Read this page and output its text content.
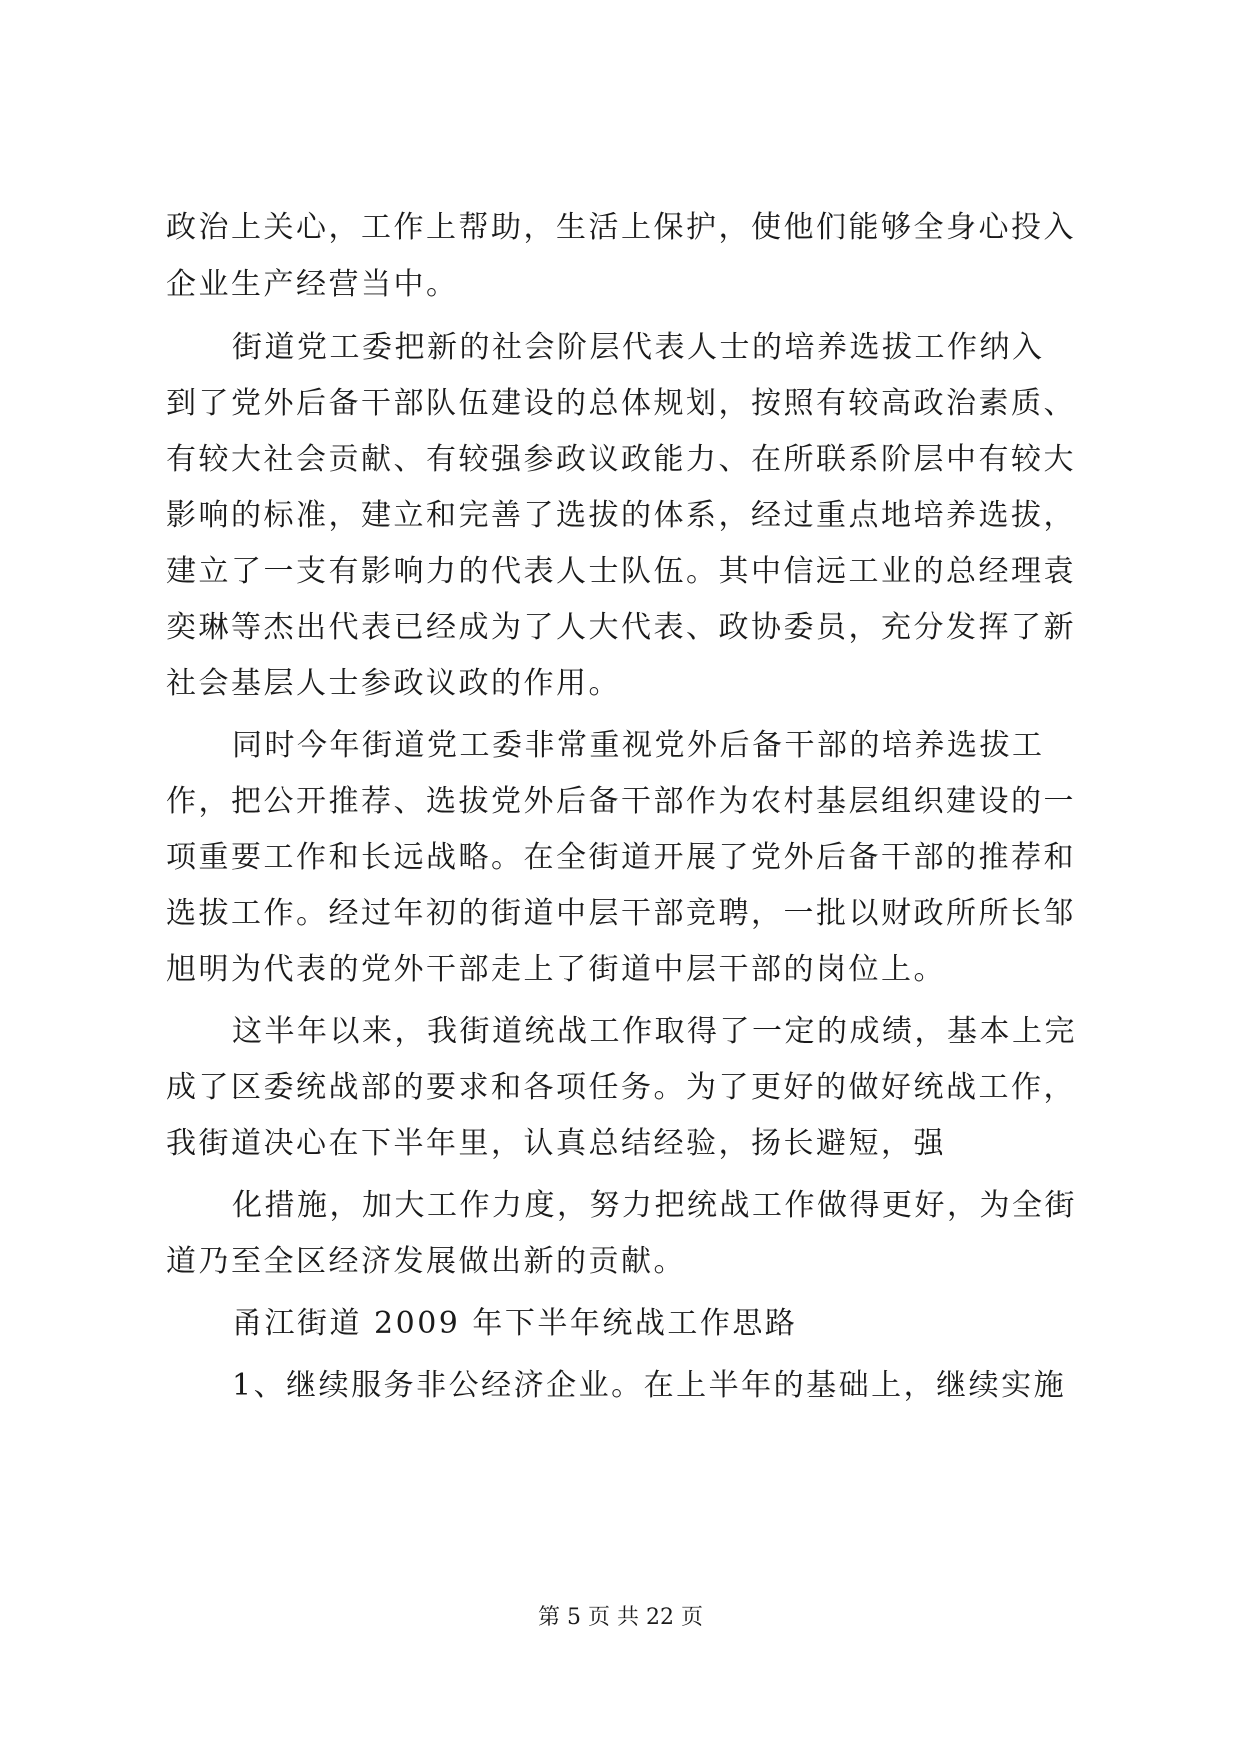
政治上关心，工作上帮助，生活上保护，使他们能够全身心投入
企业生产经营当中。
街道党工委把新的社会阶层代表人士的培养选拔工作纳入
到了党外后备干部队伍建设的总体规划，按照有较高政治素质、
有较大社会贡献、有较强参政议政能力、在所联系阶层中有较大
影响的标准，建立和完善了选拔的体系，经过重点地培养选拔，
建立了一支有影响力的代表人士队伍。其中信远工业的总经理袁
奕琳等杰出代表已经成为了人大代表、政协委员，充分发挥了新
社会基层人士参政议政的作用。
同时今年街道党工委非常重视党外后备干部的培养选拔工
作，把公开推荐、选拔党外后备干部作为农村基层组织建设的一
项重要工作和长远战略。在全街道开展了党外后备干部的推荐和
选拔工作。经过年初的街道中层干部竞聘，一批以财政所所长邹
旭明为代表的党外干部走上了街道中层干部的岗位上。
这半年以来，我街道统战工作取得了一定的成绩，基本上完
成了区委统战部的要求和各项任务。为了更好的做好统战工作，
我街道决心在下半年里，认真总结经验，扬长避短，强
化措施，加大工作力度，努力把统战工作做得更好，为全街
道乃至全区经济发展做出新的贡献。
甬江街道 2009 年下半年统战工作思路
1、继续服务非公经济企业。在上半年的基础上，继续实施
第 5 页 共 22 页
